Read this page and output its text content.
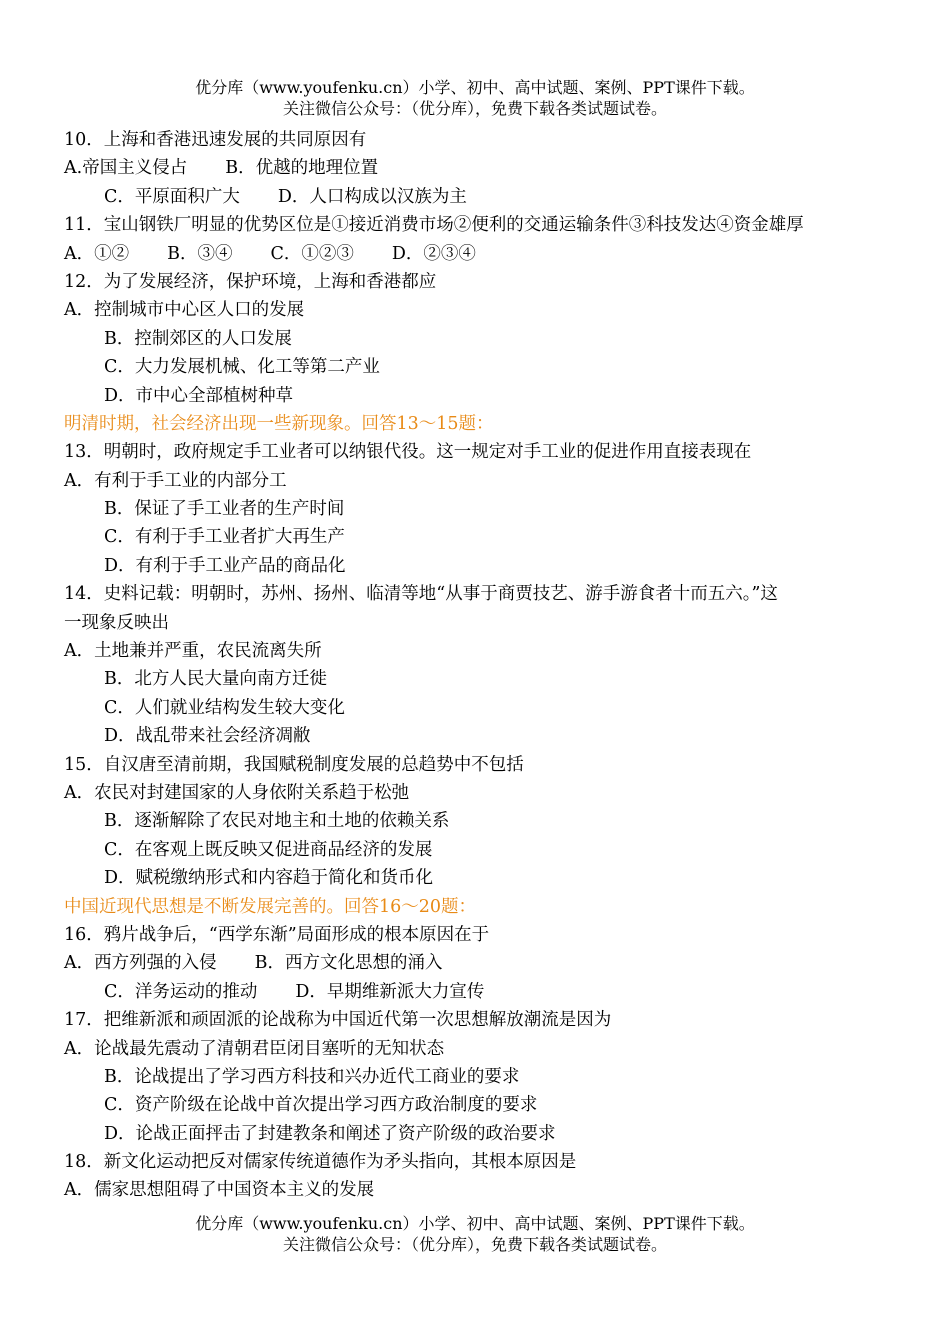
优分库（www.youfenku.cn）小学、初中、高中试题、案例、PPT课件下载。
关注微信公众号：（优分库），免费下载各类试题试卷。
10．上海和香港迅速发展的共同原因有
A.帝国主义侵占 B．优越的地理位置
C．平原面积广大 D．人口构成以汉族为主
11．宝山钢铁厂明显的优势区位是①接近消费市场②便利的交通运输条件③科技发达④资金雄厚
A．①② B．③④ C．①②③ D．②③④
12．为了发展经济，保护环境，上海和香港都应
A．控制城市中心区人口的发展
B．控制郊区的人口发展
C．大力发展机械、化工等第二产业
D．市中心全部植树种草
明清时期，社会经济出现一些新现象。回答13～15题：
13．明朝时，政府规定手工业者可以纳银代役。这一规定对手工业的促进作用直接表现在
A．有利于手工业的内部分工
B．保证了手工业者的生产时间
C．有利于手工业者扩大再生产
D．有利于手工业产品的商品化
14．史料记载：明朝时，苏州、扬州、临清等地“从事于商贾技艺、游手游食者十而五六。”这
一现象反映出
A．土地兼并严重，农民流离失所
B．北方人民大量向南方迁徙
C．人们就业结构发生较大变化
D．战乱带来社会经济凋敝
15．自汉唐至清前期，我国赋税制度发展的总趋势中不包括
A．农民对封建国家的人身依附关系趋于松弛
B．逐渐解除了农民对地主和土地的依赖关系
C．在客观上既反映又促进商品经济的发展
D．赋税缴纳形式和内容趋于简化和货币化
中国近现代思想是不断发展完善的。回答16～20题：
16．鸦片战争后，“西学东渐”局面形成的根本原因在于
A．西方列强的入侵 B．西方文化思想的涌入
C．洋务运动的推动 D．早期维新派大力宣传
17．把维新派和顽固派的论战称为中国近代第一次思想解放潮流是因为
A．论战最先震动了清朝君臣闭目塞听的无知状态
B．论战提出了学习西方科技和兴办近代工商业的要求
C．资产阶级在论战中首次提出学习西方政治制度的要求
D．论战正面抨击了封建教条和阐述了资产阶级的政治要求
18．新文化运动把反对儒家传统道德作为矛头指向，其根本原因是
A．儒家思想阻碍了中国资本主义的发展
优分库（www.youfenku.cn）小学、初中、高中试题、案例、PPT课件下载。
关注微信公众号：（优分库），免费下载各类试题试卷。
